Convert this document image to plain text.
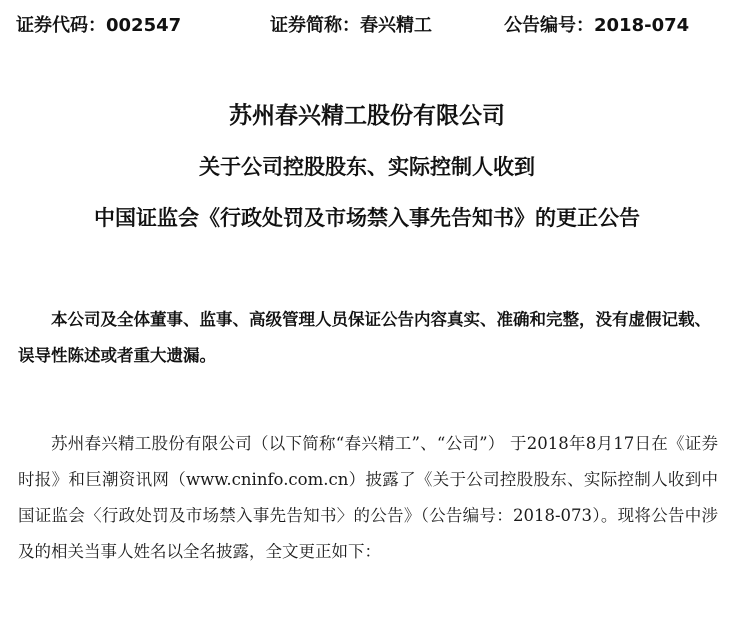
证券代码：002547	证券简称：春兴精工	公告编号：2018-074
苏州春兴精工股份有限公司
关于公司控股股东、实际控制人收到
中国证监会《行政处罚及市场禁入事先告知书》的更正公告
本公司及全体董事、监事、高级管理人员保证公告内容真实、准确和完整，没有虚假记载、误导性陈述或者重大遗漏。
苏州春兴精工股份有限公司（以下简称“春兴精工”、“公司”） 于2018年8月17日在《证券时报》和巨潮资讯网（www.cninfo.com.cn）披露了《关于公司控股股东、实际控制人收到中国证监会〈行政处罚及市场禁入事先告知书〉的公告》（公告编号：2018-073）。现将公告中涉及的相关当事人姓名以全名披露，全文更正如下：
